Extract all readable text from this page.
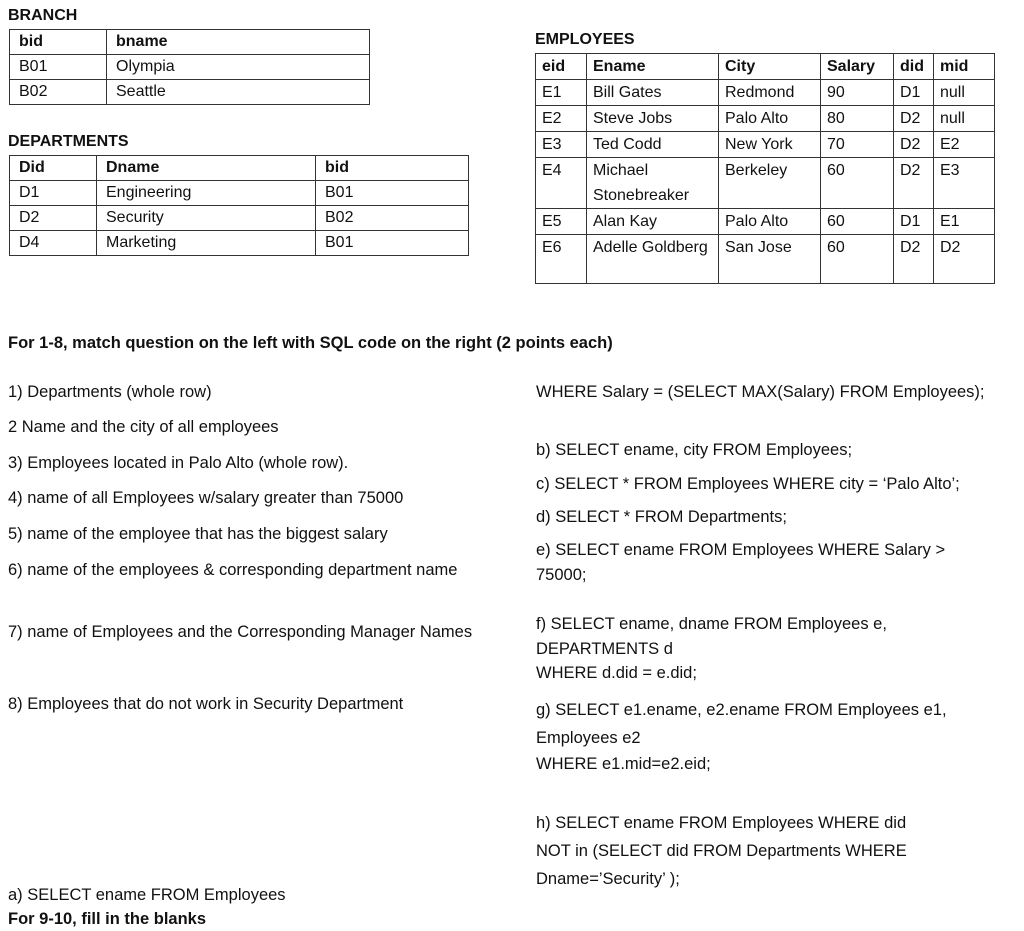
BRANCH
bid	bname
B01	Olympia
B02	Seattle
DEPARTMENTS
Did	Dname	bid
D1	Engineering	B01
D2	Security	B02
D4	Marketing	B01
EMPLOYEES
eid	Ename	City	Salary	did	mid
E1	Bill Gates	Redmond	90	D1	null
E2	Steve Jobs	Palo Alto	80	D2	null
E3	Ted Codd	New York	70	D2	E2
E4	Michael Stonebreaker	Berkeley	60	D2	E3
E5	Alan Kay	Palo Alto	60	D1	E1
E6	Adelle Goldberg	San Jose	60	D2	D2
For 1-8, match question on the left with SQL code on the right (2 points each)
1) Departments (whole row)
2 Name and the city of all employees
3) Employees located in Palo Alto (whole row).
4) name of all Employees w/salary greater than 75000
5) name of the employee that has the biggest salary
6) name of the employees & corresponding department name
7) name of Employees and the Corresponding Manager Names
8) Employees that do not work in Security Department
WHERE Salary = (SELECT MAX(Salary) FROM Employees);
b) SELECT ename, city FROM Employees;
c) SELECT * FROM Employees WHERE city = ‘Palo Alto’;
d) SELECT * FROM Departments;
e) SELECT ename FROM Employees WHERE Salary > 75000;
f) SELECT ename, dname FROM Employees e, DEPARTMENTS d
WHERE d.did = e.did;
g) SELECT e1.ename, e2.ename FROM Employees e1, Employees e2
WHERE e1.mid=e2.eid;
h) SELECT ename FROM Employees WHERE did NOT in (SELECT did FROM Departments WHERE Dname=’Security’ );
a) SELECT ename FROM Employees
For 9-10, fill in the blanks
